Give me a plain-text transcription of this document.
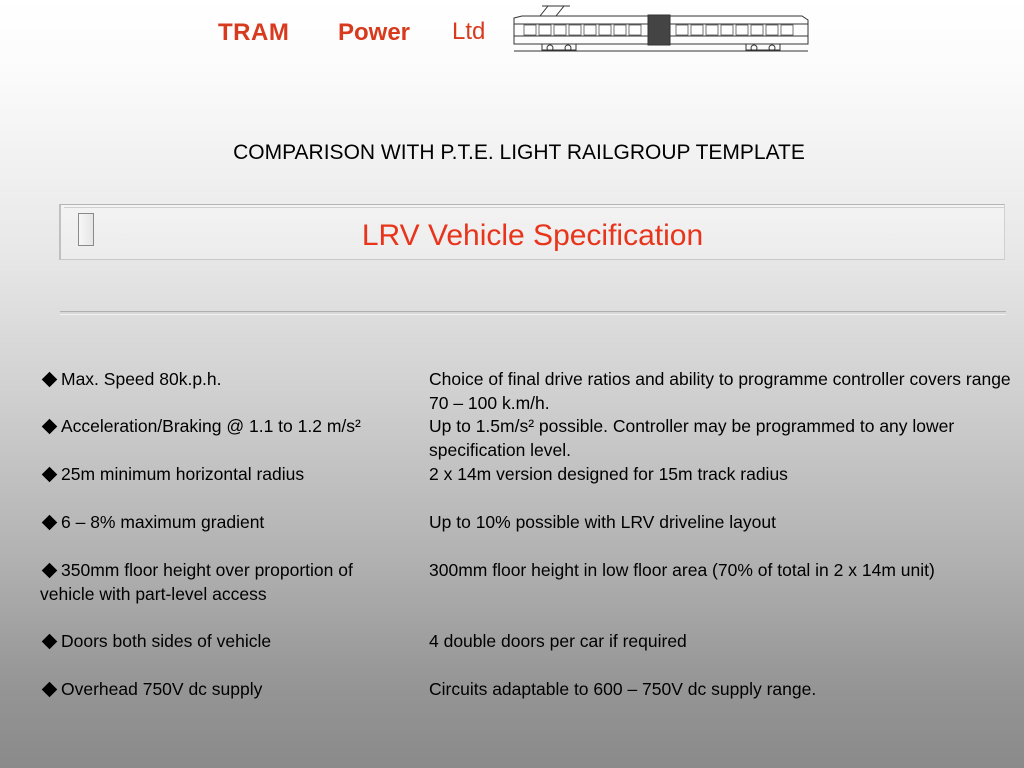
TRAM Power Ltd
COMPARISON WITH P.T.E. LIGHT RAILGROUP TEMPLATE
LRV Vehicle Specification
Max. Speed 80k.p.h.
Acceleration/Braking @ 1.1 to 1.2 m/s²
25m minimum horizontal radius
6 – 8% maximum gradient
350mm floor height over proportion of vehicle with part-level access
Doors both sides of vehicle
Overhead 750V dc supply
Choice of final drive ratios and ability to programme controller covers range 70 – 100 k.m/h.
Up to 1.5m/s² possible. Controller may be programmed to any lower specification level.
2 x 14m version designed for 15m track radius
Up to 10% possible with LRV driveline layout
300mm floor height in low floor area (70% of total in 2 x 14m unit)
4 double doors per car if required
Circuits adaptable to 600 – 750V dc supply range.
